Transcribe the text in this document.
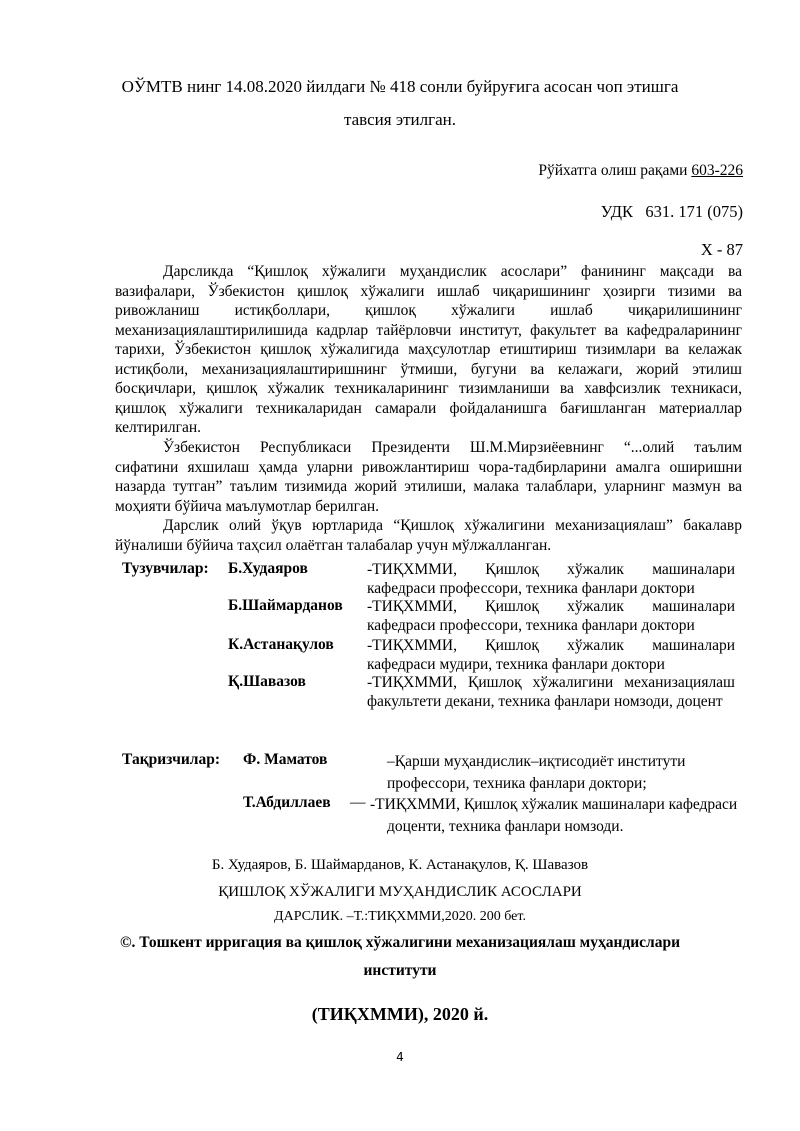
ОЎМТВ нинг 14.08.2020 йилдаги № 418 сонли буйруғига асосан чоп этишга
тавсия этилган.
Рўйхатга олиш рақами 603-226
УДК 631. 171 (075)
Х - 87
Дарсликда “Қишлоқ хўжалиги муҳандислик асослари” фанининг мақсади ва
вазифалари, Ўзбекистон қишлоқ хўжалиги ишлаб чиқаришининг ҳозирги тизими ва
ривожланиш истиқболлари, қишлоқ хўжалиги ишлаб чиқарилишининг
механизациялаштирилишида кадрлар тайёрловчи институт, факультет ва кафедраларининг
тарихи, Ўзбекистон қишлоқ хўжалигида маҳсулотлар етиштириш тизимлари ва келажак
истиқболи, механизациялаштиришнинг ўтмиши, бугуни ва келажаги, жорий этилиш
босқичлари, қишлоқ хўжалик техникаларининг тизимланиши ва хавфсизлик техникаси,
қишлоқ хўжалиги техникаларидан самарали фойдаланишга бағишланган материаллар
келтирилган.
Ўзбекистон Республикаси Президенти Ш.М.Мирзиёевнинг “...олий таълим
сифатини яхшилаш ҳамда уларни ривожлантириш чора-тадбирларини амалга оширишни
назарда тутган” таълим тизимида жорий этилиши, малака талаблари, уларнинг мазмун ва
моҳияти бўйича маълумотлар берилган.
Дарслик олий ўқув юртларида “Қишлоқ хўжалигини механизациялаш” бакалавр
йўналиши бўйича таҳсил олаётган талабалар учун мўлжалланган.
Тузувчилар: Б.Худаяров	-ТИҚХММИ, Қишлоқ хўжалик машиналари
кафедраси профессори, техника фанлари доктори
Б.Шаймарданов -ТИҚХММИ, Қишлоқ хўжалик машиналари
кафедраси профессори, техника фанлари доктори
К.Астанақулов -ТИҚХММИ, Қишлоқ хўжалик машиналари
кафедраси мудири, техника фанлари доктори
Қ.Шавазов	-ТИҚХММИ, Қишлоқ хўжалигини механизациялаш
факультети декани, техника фанлари номзоди, доцент
Тақризчилар: Ф. Маматов	–Қарши муҳандислик–иқтисодиёт институти
профессори, техника фанлари доктори;
Т.Абдиллаев –– -ТИҚХММИ, Қишлоқ хўжалик машиналари кафедраси
доценти, техника фанлари номзоди.
Б. Худаяров, Б. Шаймарданов, К. Астанақулов, Қ. Шавазов
ҚИШЛОҚ ХЎЖАЛИГИ МУҲАНДИСЛИК АСОСЛАРИ
ДАРСЛИК. –Т.:ТИҚХММИ,2020. 200 бет.
©. Тошкент ирригация ва қишлоқ хўжалигини механизациялаш муҳандислари
институти
(ТИҚХММИ), 2020 й.
4
